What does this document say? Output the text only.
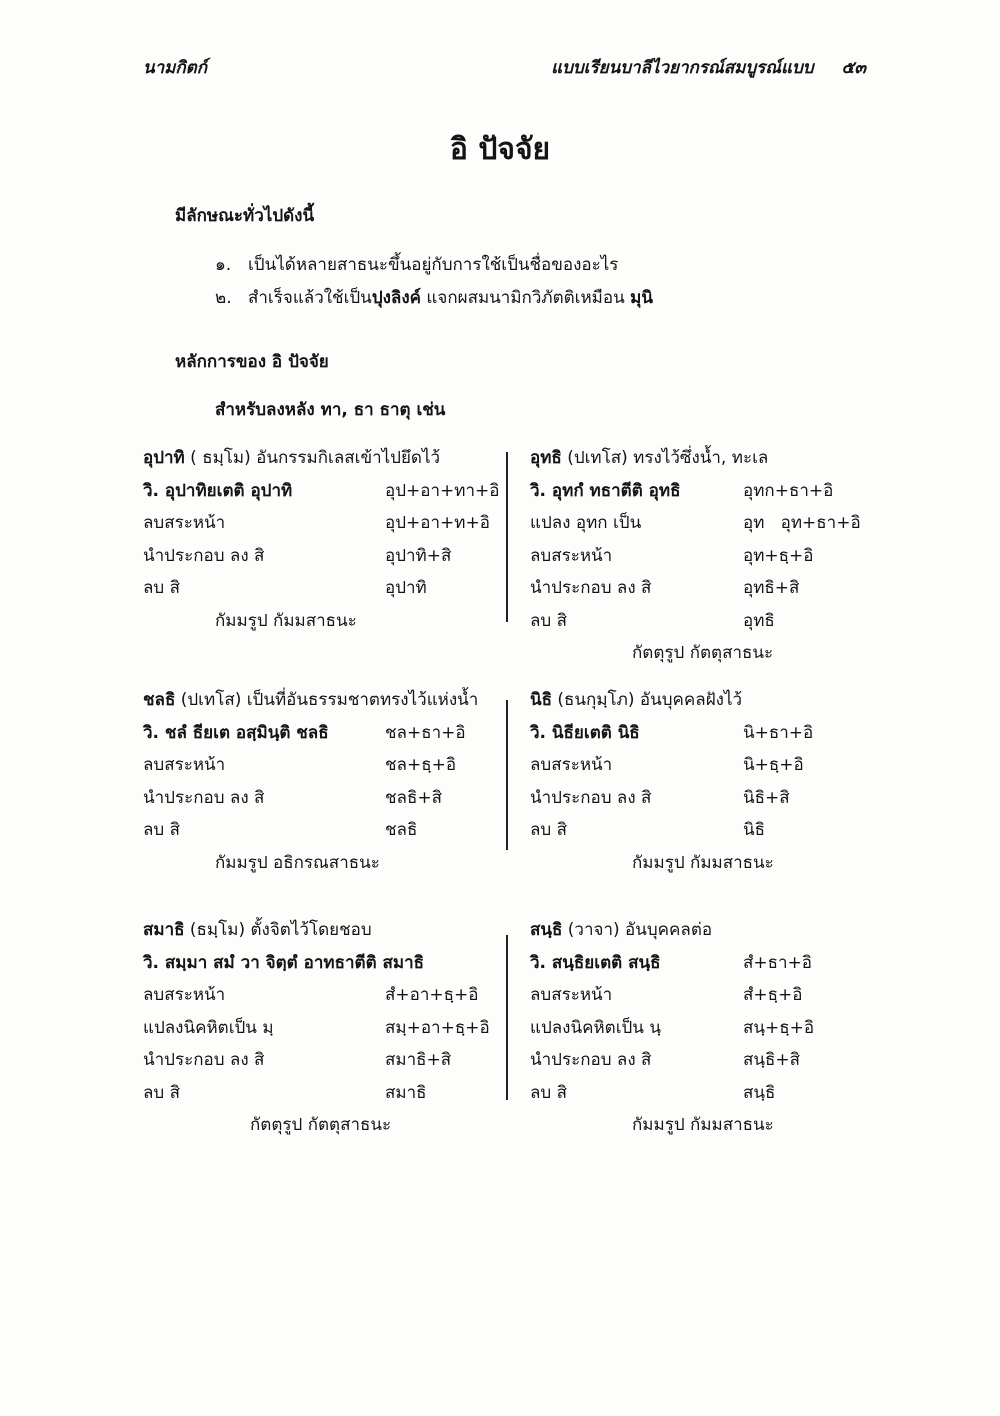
นามกิตก์	แบบเรียนบาลีไวยากรณ์สมบูรณ์แบบ ๕๓
อิ ปัจจัย
มีลักษณะทั่วไปดังนี้
๑. เป็นได้หลายสาธนะขึ้นอยู่กับการใช้เป็นชื่อของอะไร
๒. สำเร็จแล้วใช้เป็นปุงลิงค์ แจกผสมนามิกวิภัตติเหมือน มุนิ
หลักการของ อิ ปัจจัย
สำหรับลงหลัง ทา, ธา ธาตุ เช่น
อุปาทิ ( ธมฺโม) อันกรรมกิเลสเข้าไปยึดไว้
วิ. อุปาทิยเตติ อุปาทิ	อุป+อา+ทา+อิ
ลบสระหน้า	อุป+อา+ท+อิ
นำประกอบ ลง สิ	อุปาทิ+สิ
ลบ สิ	อุปาทิ
กัมมรูป กัมมสาธนะ
อุทธิ (ปเทโส) ทรงไว้ซึ่งน้ำ, ทะเล
วิ. อุทกํ ทธาตีติ อุทธิ	อุทก+ธา+อิ
แปลง อุทก เป็น	อุท   อุท+ธา+อิ
ลบสระหน้า	อุท+ธฺ+อิ
นำประกอบ ลง สิ	อุทธิ+สิ
ลบ สิ	อุทธิ
กัตตุรูป กัตตุสาธนะ
ชลธิ (ปเทโส) เป็นที่อันธรรมชาตทรงไว้แห่งน้ำ
วิ. ชลํ ธียเต อสฺมินฺติ ชลธิ	ชล+ธา+อิ
ลบสระหน้า	ชล+ธฺ+อิ
นำประกอบ ลง สิ	ชลธิ+สิ
ลบ สิ	ชลธิ
กัมมรูป อธิกรณสาธนะ
นิธิ (ธนกุมฺโภ) อันบุคคลฝังไว้
วิ. นิธียเตติ นิธิ	นิ+ธา+อิ
ลบสระหน้า	นิ+ธฺ+อิ
นำประกอบ ลง สิ	นิธิ+สิ
ลบ สิ	นิธิ
กัมมรูป กัมมสาธนะ
สมาธิ (ธมฺโม) ตั้งจิตไว้โดยชอบ
วิ. สมฺมา สมํ วา จิตฺตํ อาทธาตีติ สมาธิ
ลบสระหน้า	สํ+อา+ธฺ+อิ
แปลงนิคหิตเป็น มฺ	สมฺ+อา+ธฺ+อิ
นำประกอบ ลง สิ	สมาธิ+สิ
ลบ สิ	สมาธิ
กัตตุรูป กัตตุสาธนะ
สนฺธิ (วาจา) อันบุคคลต่อ
วิ. สนฺธิยเตติ สนฺธิ	สํ+ธา+อิ
ลบสระหน้า	สํ+ธฺ+อิ
แปลงนิคหิตเป็น นฺ	สนฺ+ธฺ+อิ
นำประกอบ ลง สิ	สนฺธิ+สิ
ลบ สิ	สนฺธิ
กัมมรูป กัมมสาธนะ
